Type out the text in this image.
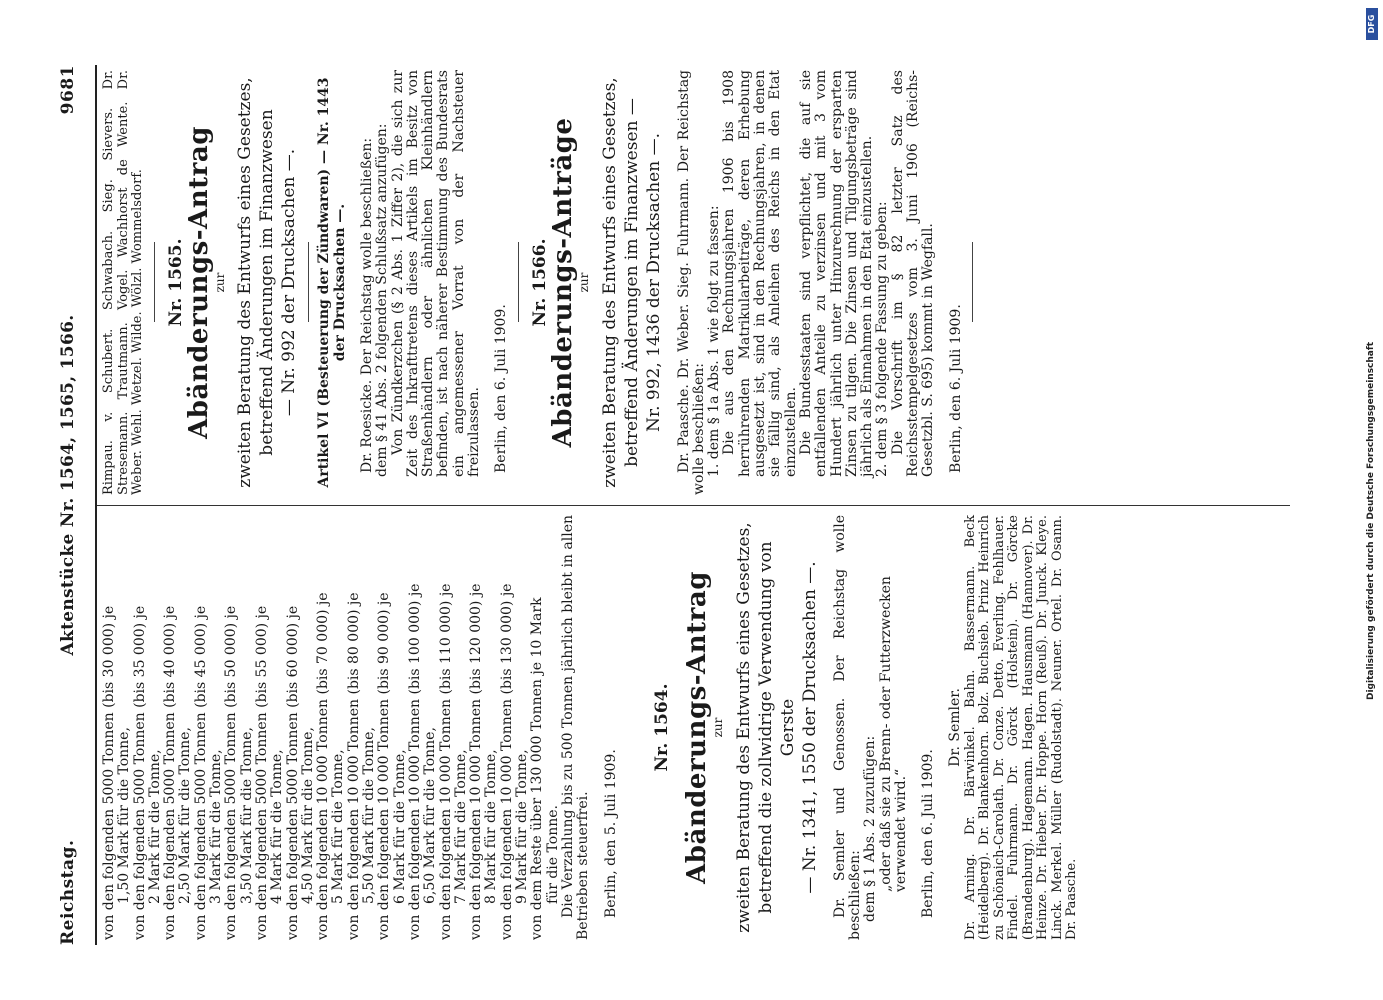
Reichstag.
Aktenstücke Nr. 1564, 1565, 1566.
9681
von den folgenden 5000 Tonnen (bis 30 000) je 1,50 Mark für die Tonne, von den folgenden 5000 Tonnen (bis 35 000) je 2 Mark für die Tonne, von den folgenden 5000 Tonnen (bis 40 000) je 2,50 Mark für die Tonne, von den folgenden 5000 Tonnen (bis 45 000) je 3 Mark für die Tonne, von den folgenden 5000 Tonnen (bis 50 000) je 3,50 Mark für die Tonne, von den folgenden 5000 Tonnen (bis 55 000) je 4 Mark für die Tonne, von den folgenden 5000 Tonnen (bis 60 000) je 4,50 Mark für die Tonne, von den folgenden 10 000 Tonnen (bis 70 000) je 5 Mark für die Tonne, von den folgenden 10 000 Tonnen (bis 80 000) je 5,50 Mark für die Tonne, von den folgenden 10 000 Tonnen (bis 90 000) je 6 Mark für die Tonne, von den folgenden 10 000 Tonnen (bis 100 000) je 6,50 Mark für die Tonne, von den folgenden 10 000 Tonnen (bis 110 000) je 7 Mark für die Tonne, von den folgenden 10 000 Tonnen (bis 120 000) je 8 Mark für die Tonne, von den folgenden 10 000 Tonnen (bis 130 000) je 9 Mark für die Tonne, von dem Reste über 130 000 Tonnen je 10 Mark für die Tonne. Die Verzahlung bis zu 500 Tonnen jährlich bleibt in allen Betrieben steuerfrei. Berlin, den 5. Juli 1909.
Nr. 1564. Abänderungs-Antrag zur zweiten Beratung des Entwurfs eines Gesetzes, betreffend die zollwidrige Verwendung von Gerste — Nr. 1341, 1550 der Drucksachen —. Dr. Semler und Genossen. Der Reichstag wolle beschließen: dem § 1 Abs. 2 zuzufügen: „oder daß sie zu Brenn- oder Futterzwecken verwendet wird.“ Berlin, den 6. Juli 1909.
Dr. Semler. Dr. Arning. Dr. Bärwinkel. Bahn. Bassermann. Beck (Heidelberg). Dr. Blankenhorn. Bolz. Buchsieb. Prinz Heinrich zu Schönaich-Carolath. Dr. Conze. Detto. Everling. Fehlhauer. Findel. Fuhrmann. Dr. Görck (Holstein). Dr. Görcke (Brandenburg). Hagemann. Hagen. Hausmann (Hannover). Dr. Heinze. Dr. Hieber. Dr. Hoppe. Horn (Reuß). Dr. Junck. Kleye. Linck. Merkel. Müller (Rudolstadt). Neuner. Ortel. Dr. Osann. Dr. Paasche.
Rimpau. v. Schubert. Schwabach. Sieg. Sievers. Dr. Stresemann. Trautmann. Vogel. Wachhorst de Wente. Dr. Weber. Wehl. Wetzel. Wilde. Wölzl. Wommelsdorf. Nr. 1565.
Abänderungs-Antrag zur zweiten Beratung des Entwurfs eines Gesetzes, betreffend Änderungen im Finanzwesen — Nr. 992 der Drucksachen —. Artikel VI (Besteuerung der Zündwaren) — Nr. 1443 der Drucksachen —. Dr. Roesicke. Der Reichstag wolle beschließen: dem § 41 Abs. 2 folgenden Schlußsatz anzufügen: Von Zündkerzchen (§ 2 Abs. 1 Ziffer 2), die sich zur Zeit des Inkrafttretens dieses Artikels im Besitz von Straßenhändlern oder ähnlichen Kleinhändlern befinden, ist nach näherer Bestimmung des Bundesrats ein angemessener Vorrat von der Nachsteuer freizulassen. Berlin, den 6. Juli 1909.
Nr. 1566.
Abänderungs-Anträge zur zweiten Beratung des Entwurfs eines Gesetzes, betreffend Änderungen im Finanzwesen — Nr. 992, 1436 der Drucksachen —. Dr. Paasche. Dr. Weber. Sieg. Fuhrmann. Der Reichstag wolle beschließen: 1. dem § 1a Abs. 1 wie folgt zu fassen: Die aus den Rechnungsjahren 1906 bis 1908 herrührenden Matrikularbeiträge, deren Erhebung ausgesetzt ist, sind in den Rechnungsjahren, in denen sie fällig sind, als Anleihen des Reichs in den Etat einzustellen. Die Bundesstaaten sind verpflichtet, die auf sie entfallenden Anteile zu verzinsen und mit 3 vom Hundert jährlich unter Hinzurechnung der ersparten Zinsen zu tilgen. Die Zinsen und Tilgungsbeträge sind jährlich als Einnahmen in den Etat einzustellen. 2. dem § 3 folgende Fassung zu geben: Die Vorschrift im § 82 letzter Satz des Reichsstempelgesetzes vom 3. Juni 1906 (Reichs-Gesetzbl. S. 695) kommt in Wegfall. Berlin, den 6. Juli 1909.
DFG
Digitalisierung gefördert durch die Deutsche Forschungsgemeinschaft
